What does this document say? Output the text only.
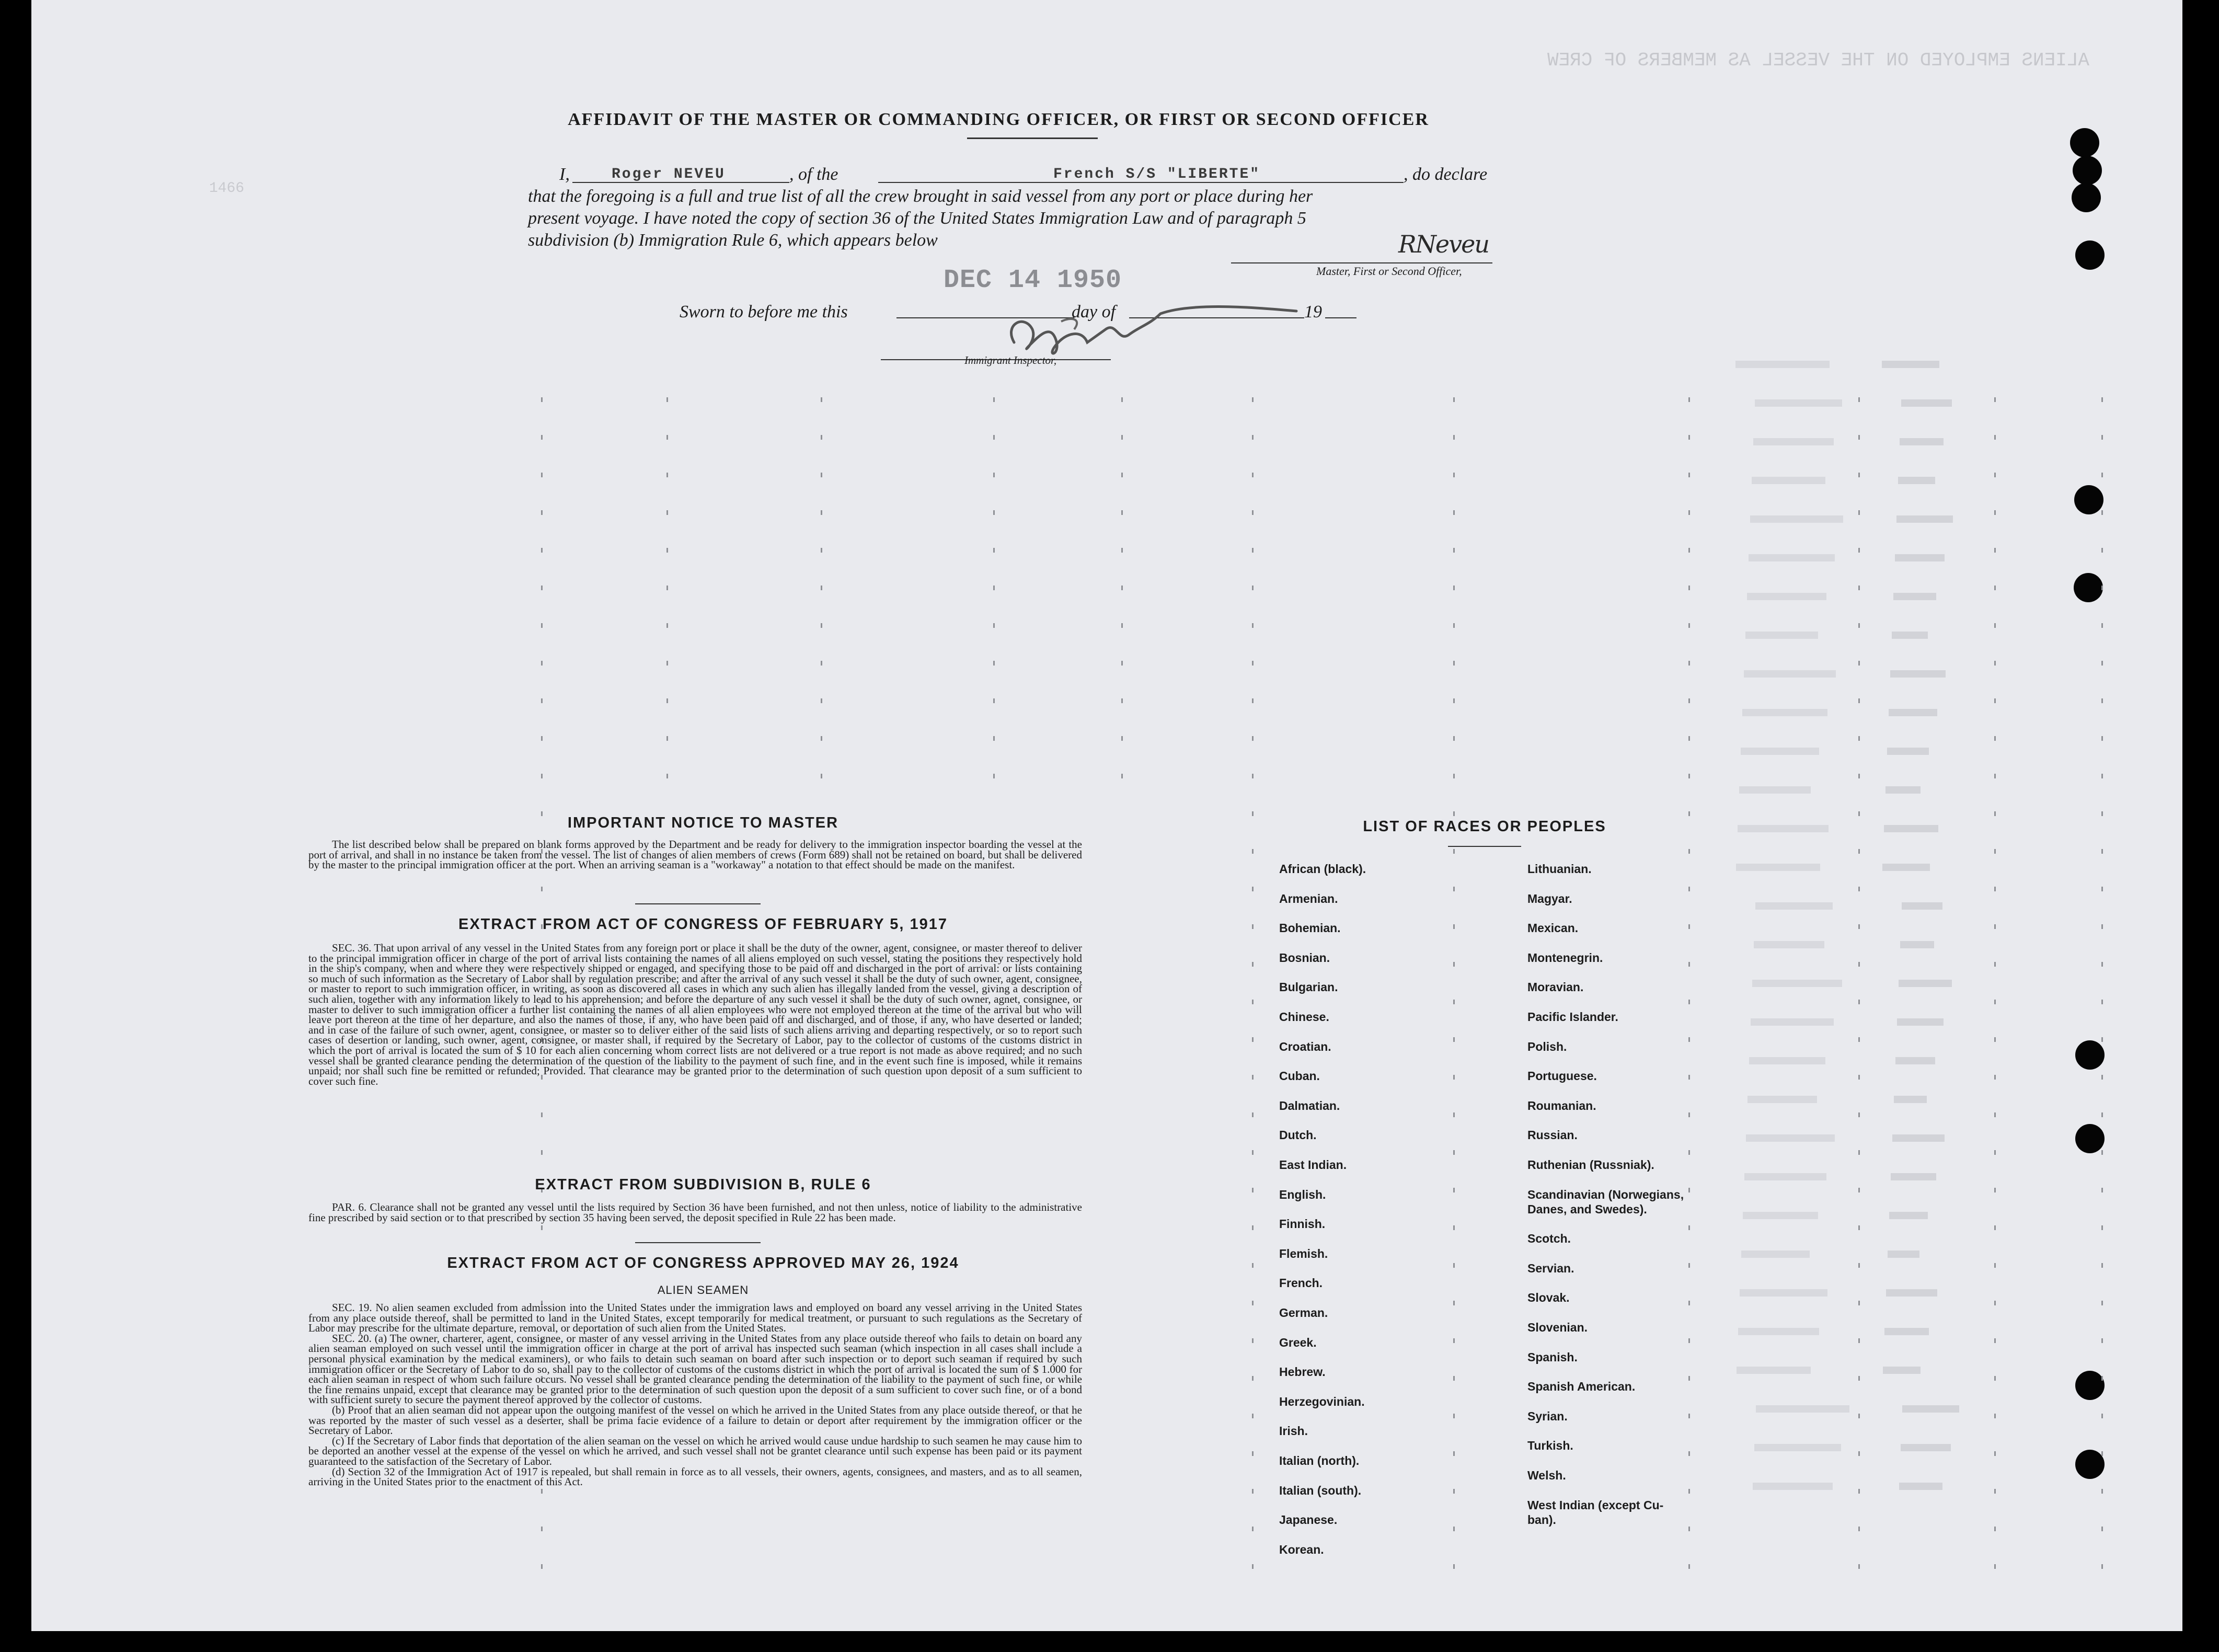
ALIENS EMPLOYED ON THE VESSEL AS MEMBERS OF CREW
1466
AFFIDAVIT OF THE MASTER OR COMMANDING OFFICER, OR FIRST OR SECOND OFFICER
I,	Roger NEVEU	, of the	French S/S "LIBERTE"	, do declare
that the foregoing is a full and true list of all the crew brought in said vessel from any port or place during her
present voyage. I have noted the copy of section 36 of the United States Immigration Law and of paragraph 5
subdivision (b) Immigration Rule 6, which appears below	RNeveu
Master, First or Second Officer,
Sworn to before me this
DEC 14 1950
day of	19
Immigrant Inspector,
IMPORTANT NOTICE TO MASTER

The list described below shall be prepared on blank forms approved by the Department and be ready for delivery to the immigration inspector boarding the vessel at the port of arrival, and shall in no instance be taken from the vessel. The list of changes of alien members of crews (Form 689) shall not be retained on board, but shall be delivered by the master to the principal immigration officer at the port. When an arriving seaman is a "workaway" a notation to that effect should be made on the manifest.

EXTRACT FROM ACT OF CONGRESS OF FEBRUARY 5, 1917

SEC. 36. That upon arrival of any vessel in the United States from any foreign port or place it shall be the duty of the owner, agent, consignee, or master thereof to deliver to the principal immigration officer in charge of the port of arrival lists containing the names of all aliens employed on such vessel, stating the positions they respectively hold in the ship's company, when and where they were respectively shipped or engaged, and specifying those to be paid off and discharged in the port of arrival: or lists containing so much of such information as the Secretary of Labor shall by regulation prescribe; and after the arrival of any such vessel it shall be the duty of such owner, agent, consignee, or master to report to such immigration officer, in writing, as soon as discovered all cases in which any such alien has illegally landed from the vessel, giving a description of such alien, together with any information likely to lead to his apprehension; and before the departure of any such vessel it shall be the duty of such owner, agnet, consignee, or master to deliver to such immigration officer a further list containing the names of all alien employees who were not employed thereon at the time of the arrival but who will leave port thereon at the time of her departure, and also the names of those, if any, who have been paid off and discharged, and of those, if any, who have deserted or landed; and in case of the failure of such owner, agent, consignee, or master so to deliver either of the said lists of such aliens arriving and departing respectively, or so to report such cases of desertion or landing, such owner, agent, consignee, or master shall, if required by the Secretary of Labor, pay to the collector of customs of the customs district in which the port of arrival is located the sum of $ 10 for each alien concerning whom correct lists are not delivered or a true report is not made as above required; and no such vessel shall be granted clearance pending the determination of the question of the liability to the payment of such fine, and in the event such fine is imposed, while it remains unpaid; nor shall such fine be remitted or refunded; Provided. That clearance may be granted prior to the determination of such question upon deposit of a sum sufficient to cover such fine.

EXTRACT FROM SUBDIVISION B, RULE 6

PAR. 6. Clearance shall not be granted any vessel until the lists required by Section 36 have been furnished, and not then unless, notice of liability to the administrative fine prescribed by said section or to that prescribed by section 35 having been served, the deposit specified in Rule 22 has been made.

EXTRACT FROM ACT OF CONGRESS APPROVED MAY 26, 1924
ALIEN SEAMEN

SEC. 19. No alien seamen excluded from admission into the United States under the immigration laws and employed on board any vessel arriving in the United States from any place outside thereof, shall be permitted to land in the United States, except temporarily for medical treatment, or pursuant to such regulations as the Secretary of Labor may prescribe for the ultimate departure, removal, or deportation of such alien from the United States.

SEC. 20. (a) The owner, charterer, agent, consignee, or master of any vessel arriving in the United States from any place outside thereof who fails to detain on board any alien seaman employed on such vessel until the immigration officer in charge at the port of arrival has inspected such seaman (which inspection in all cases shall include a personal physical examination by the medical examiners), or who fails to detain such seaman on board after such inspection or to deport such seaman if required by such immigration officer or the Secretary of Labor to do so, shall pay to the collector of customs of the customs district in which the port of arrival is located the sum of $ 1.000 for each alien seaman in respect of whom such failure occurs. No vessel shall be granted clearance pending the determination of the liability to the payment of such fine, or while the fine remains unpaid, except that clearance may be granted prior to the determination of such question upon the deposit of a sum sufficient to cover such fine, or of a bond with sufficient surety to secure the payment thereof approved by the collector of customs.

(b) Proof that an alien seaman did not appear upon the outgoing manifest of the vessel on which he arrived in the United States from any place outside thereof, or that he was reported by the master of such vessel as a deserter, shall be prima facie evidence of a failure to detain or deport after requirement by the immigration officer or the Secretary of Labor.

(c) If the Secretary of Labor finds that deportation of the alien seaman on the vessel on which he arrived would cause undue hardship to such seamen he may cause him to be deported an another vessel at the expense of the vessel on which he arrived, and such vessel shall not be grantet clearance until such expense has been paid or its payment guaranteed to the satisfaction of the Secretary of Labor.

(d) Section 32 of the Immigration Act of 1917 is repealed, but shall remain in force as to all vessels, their owners, agents, consignees, and masters, and as to all seamen, arriving in the United States prior to the enactment of this Act.

LIST OF RACES OR PEOPLES
African (black).
Armenian.
Bohemian.
Bosnian.
Bulgarian.
Chinese.
Croatian.
Cuban.
Dalmatian.
Dutch.
East Indian.
English.
Finnish.
Flemish.
French.
German.
Greek.
Hebrew.
Herzegovinian.
Irish.
Italian (north).
Italian (south).
Japanese.
Korean.
Lithuanian.
Magyar.
Mexican.
Montenegrin.
Moravian.
Pacific Islander.
Polish.
Portuguese.
Roumanian.
Russian.
Ruthenian (Russniak).
Scandinavian (Norwegians,
Danes, and Swedes).
Scotch.
Servian.
Slovak.
Slovenian.
Spanish.
Spanish American.
Syrian.
Turkish.
Welsh.
West Indian (except Cu-
ban).
